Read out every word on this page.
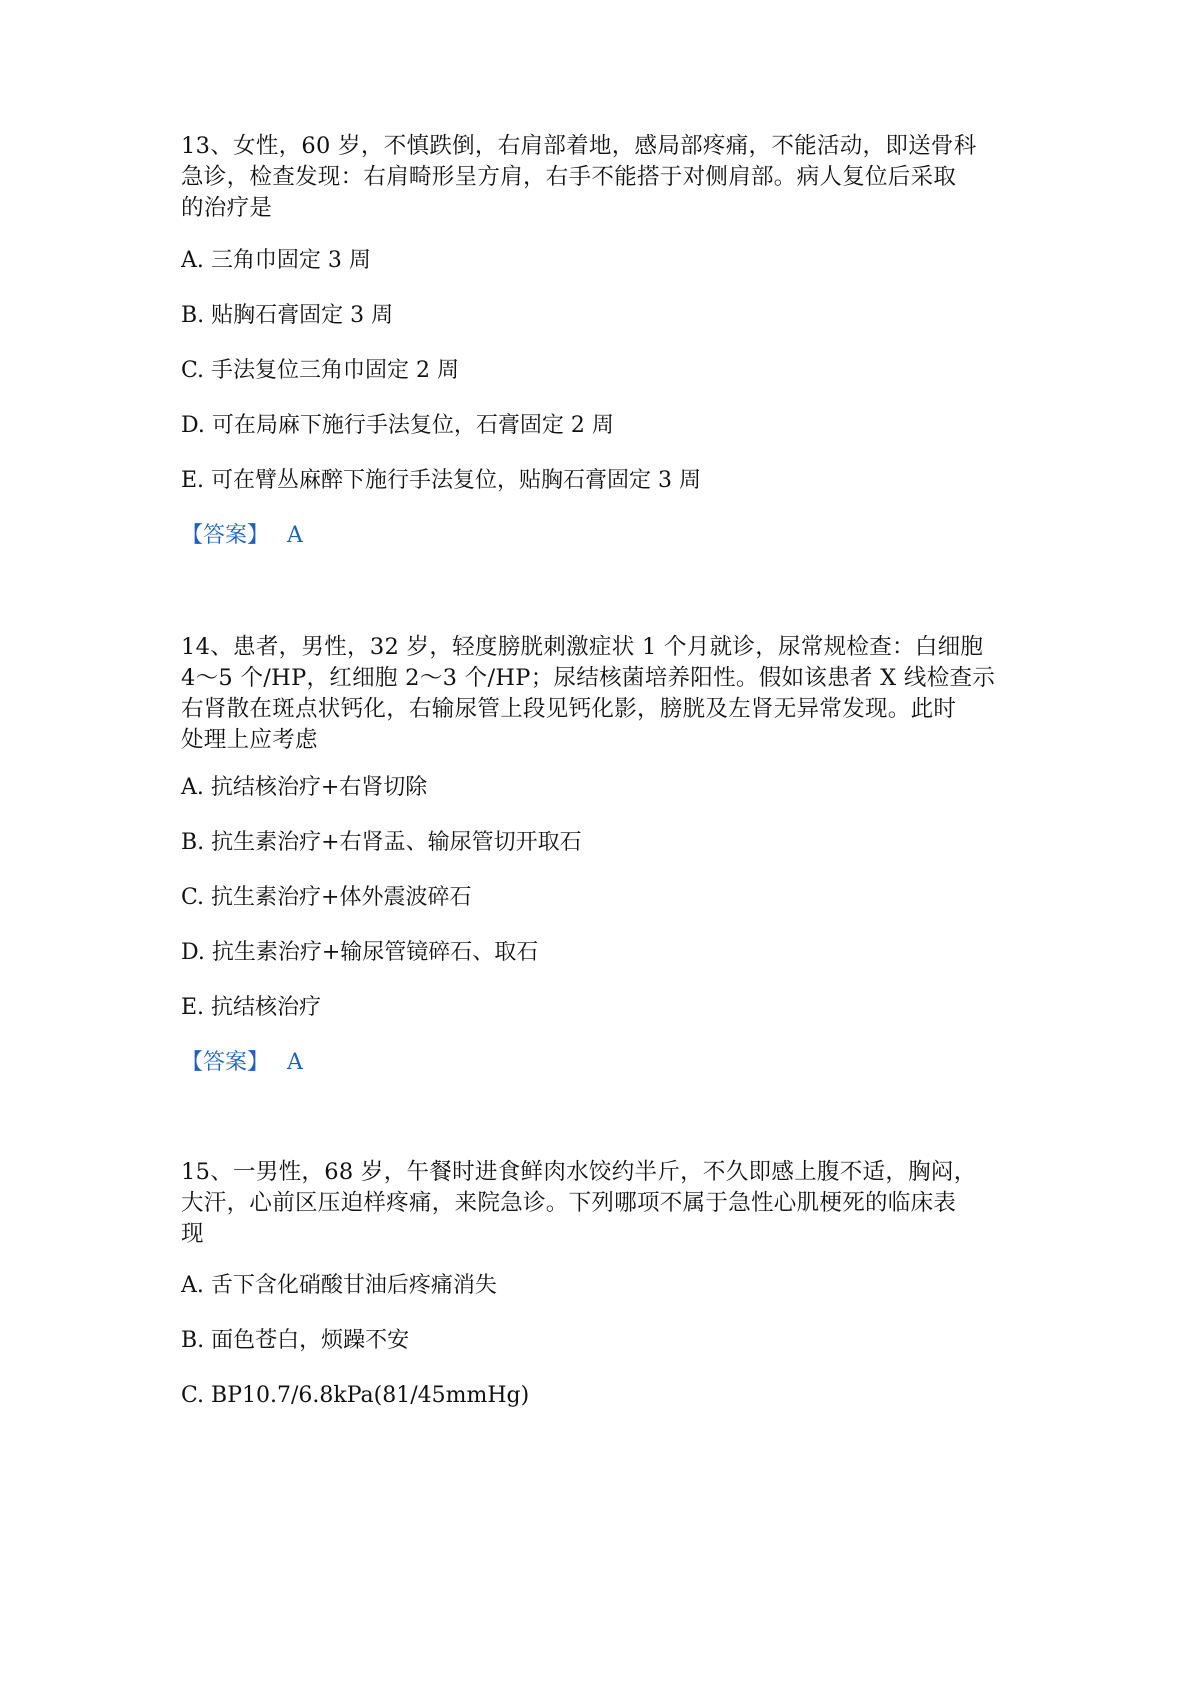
13、女性，60 岁，不慎跌倒，右肩部着地，感局部疼痛，不能活动，即送骨科
急诊，检查发现：右肩畸形呈方肩，右手不能搭于对侧肩部。病人复位后采取
的治疗是
A. 三角巾固定 3 周
B. 贴胸石膏固定 3 周
C. 手法复位三角巾固定 2 周
D. 可在局麻下施行手法复位，石膏固定 2 周
E. 可在臂丛麻醉下施行手法复位，贴胸石膏固定 3 周
【答案】 A
14、患者，男性，32 岁，轻度膀胱刺激症状 1 个月就诊，尿常规检查：白细胞
4～5 个/HP，红细胞 2～3 个/HP；尿结核菌培养阳性。假如该患者 X 线检查示
右肾散在斑点状钙化，右输尿管上段见钙化影，膀胱及左肾无异常发现。此时
处理上应考虑
A. 抗结核治疗+右肾切除
B. 抗生素治疗+右肾盂、输尿管切开取石
C. 抗生素治疗+体外震波碎石
D. 抗生素治疗+输尿管镜碎石、取石
E. 抗结核治疗
【答案】 A
15、一男性，68 岁，午餐时进食鲜肉水饺约半斤，不久即感上腹不适，胸闷，
大汗，心前区压迫样疼痛，来院急诊。下列哪项不属于急性心肌梗死的临床表
现
A. 舌下含化硝酸甘油后疼痛消失
B. 面色苍白，烦躁不安
C. BP10.7/6.8kPa(81/45mmHg)
